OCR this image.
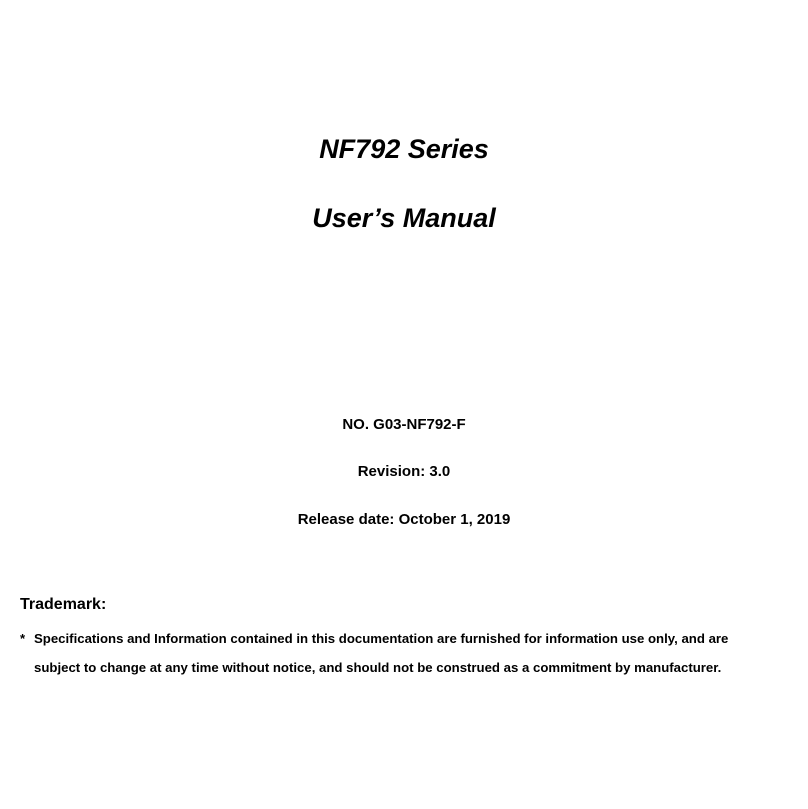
NF792 Series
User’s Manual

NO. G03-NF792-F

Revision: 3.0

Release date: October 1, 2019

Trademark:
* Specifications and Information contained in this documentation are furnished for information use only, and are
subject to change at any time without notice, and should not be construed as a commitment by manufacturer.
